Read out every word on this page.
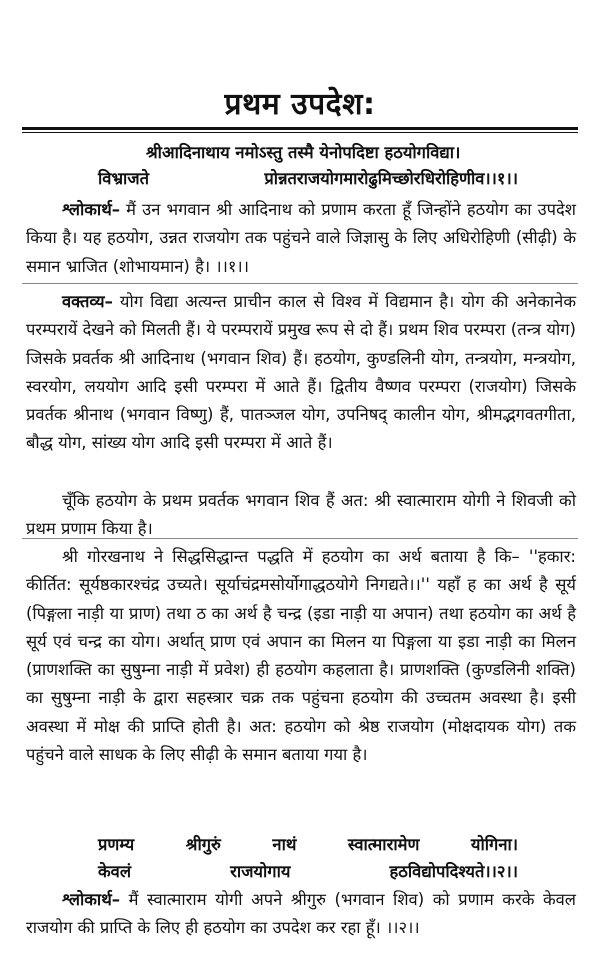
प्रथम उपदेश:
श्रीआदिनाथाय नमोऽस्तु तस्मै येनोपदिष्टा हठयोगविद्या।
विभ्राजते	प्रोन्नतराजयोगमारोढुमिच्छोरधिरोहिणीव।।१।।
श्लोकार्थ– मैं उन भगवान श्री आदिनाथ को प्रणाम करता हूँ जिन्होंने हठयोग का उपदेश किया है। यह हठयोग, उन्नत राजयोग तक पहुंचने वाले जिज्ञासु के लिए अधिरोहिणी (सीढ़ी) के समान भ्राजित (शोभायमान) है। ।।१।।
वक्तव्य– योग विद्या अत्यन्त प्राचीन काल से विश्व में विद्यमान है। योग की अनेकानेक परम्परायें देखने को मिलती हैं। ये परम्परायें प्रमुख रूप से दो हैं। प्रथम शिव परम्परा (तन्त्र योग) जिसके प्रवर्तक श्री आदिनाथ (भगवान शिव) हैं। हठयोग, कुण्डलिनी योग, तन्त्रयोग, मन्त्रयोग, स्वरयोग, लययोग आदि इसी परम्परा में आते हैं। द्वितीय वैष्णव परम्परा (राजयोग) जिसके प्रवर्तक श्रीनाथ (भगवान विष्णु) हैं, पातञ्जल योग, उपनिषद् कालीन योग, श्रीमद्भगवतगीता, बौद्ध योग, सांख्य योग आदि इसी परम्परा में आते हैं।
चूँकि हठयोग के प्रथम प्रवर्तक भगवान शिव हैं अत: श्री स्वात्माराम योगी ने शिवजी को प्रथम प्रणाम किया है।
श्री गोरखनाथ ने सिद्धसिद्धान्त पद्धति में हठयोग का अर्थ बताया है कि– ''हकार: कीर्तित: सूर्यष्ठकारश्चंद्र उच्यते। सूर्याचंद्रमसोर्योगाद्धठयोगे निगद्यते।।'' यहाँ ह का अर्थ है सूर्य (पिङ्गला नाड़ी या प्राण) तथा ठ का अर्थ है चन्द्र (इडा नाड़ी या अपान) तथा हठयोग का अर्थ है सूर्य एवं चन्द्र का योग। अर्थात् प्राण एवं अपान का मिलन या पिङ्गला या इडा नाड़ी का मिलन (प्राणशक्ति का सुषुम्ना नाड़ी में प्रवेश) ही हठयोग कहलाता है। प्राणशक्ति (कुण्डलिनी शक्ति) का सुषुम्ना नाड़ी के द्वारा सहस्त्रार चक्र तक पहुंचना हठयोग की उच्चतम अवस्था है। इसी अवस्था में मोक्ष की प्राप्ति होती है। अत: हठयोग को श्रेष्ठ राजयोग (मोक्षदायक योग) तक पहुंचने वाले साधक के लिए सीढ़ी के समान बताया गया है।
प्रणम्य	श्रीगुरुं	नाथं	स्वात्मारामेण	योगिना।
केवलं	राजयोगाय	हठविद्योपदिश्यते।।२।।
श्लोकार्थ– मैं स्वात्माराम योगी अपने श्रीगुरु (भगवान शिव) को प्रणाम करके केवल राजयोग की प्राप्ति के लिए ही हठयोग का उपदेश कर रहा हूँ। ।।२।।
